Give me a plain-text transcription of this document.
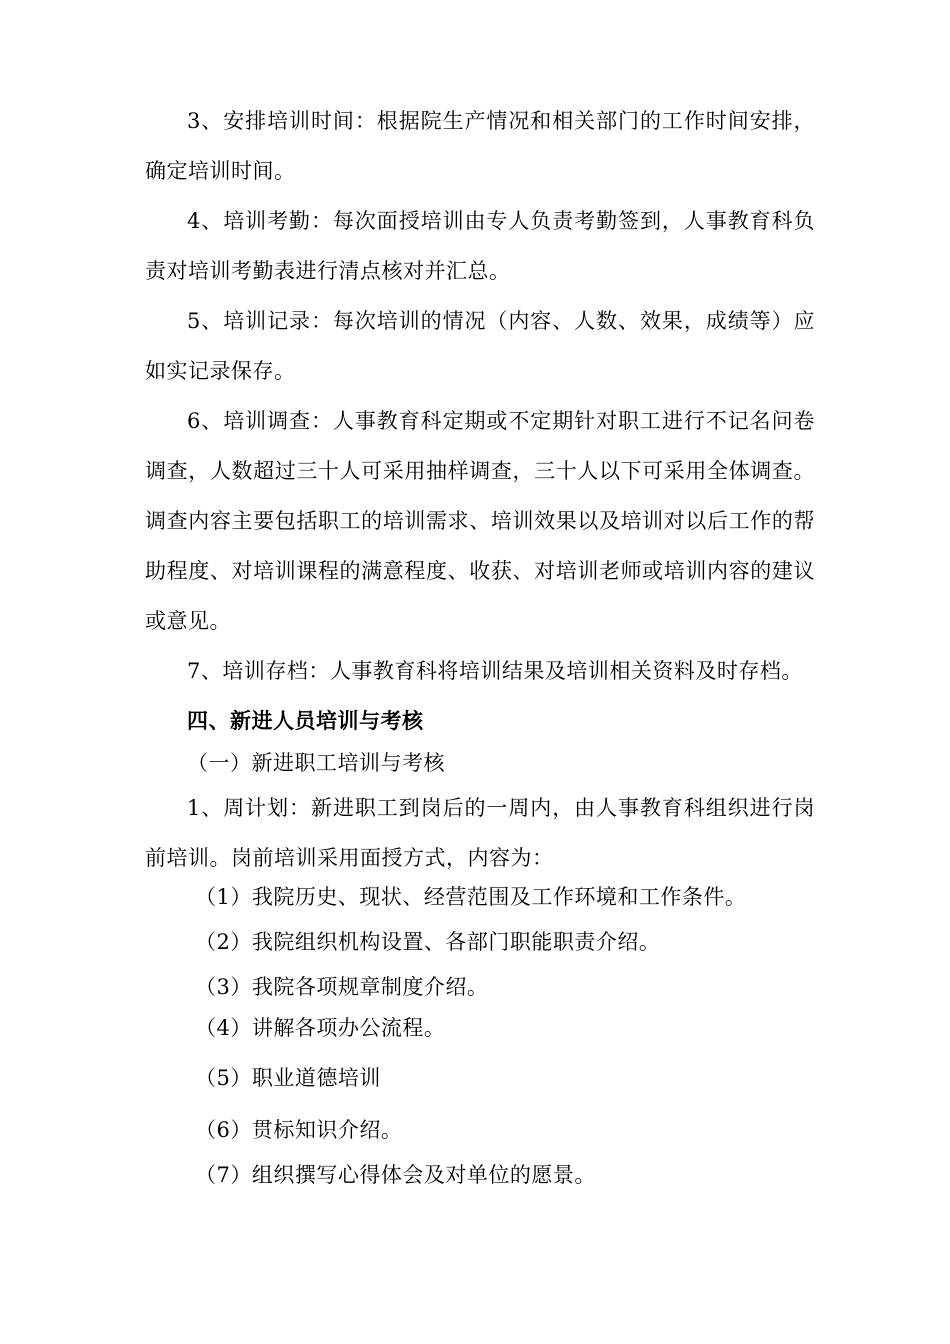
3、安排培训时间：根据院生产情况和相关部门的工作时间安排，确定培训时间。

4、培训考勤：每次面授培训由专人负责考勤签到，人事教育科负责对培训考勤表进行清点核对并汇总。

5、培训记录：每次培训的情况（内容、人数、效果，成绩等）应如实记录保存。

6、培训调查：人事教育科定期或不定期针对职工进行不记名问卷调查，人数超过三十人可采用抽样调查，三十人以下可采用全体调查。调查内容主要包括职工的培训需求、培训效果以及培训对以后工作的帮助程度、对培训课程的满意程度、收获、对培训老师或培训内容的建议或意见。

7、培训存档：人事教育科将培训结果及培训相关资料及时存档。

四、新进人员培训与考核

（一）新进职工培训与考核

1、周计划：新进职工到岗后的一周内，由人事教育科组织进行岗前培训。岗前培训采用面授方式，内容为：

（1）我院历史、现状、经营范围及工作环境和工作条件。

（2）我院组织机构设置、各部门职能职责介绍。

（3）我院各项规章制度介绍。

（4）讲解各项办公流程。

（5）职业道德培训

（6）贯标知识介绍。

（7）组织撰写心得体会及对单位的愿景。
